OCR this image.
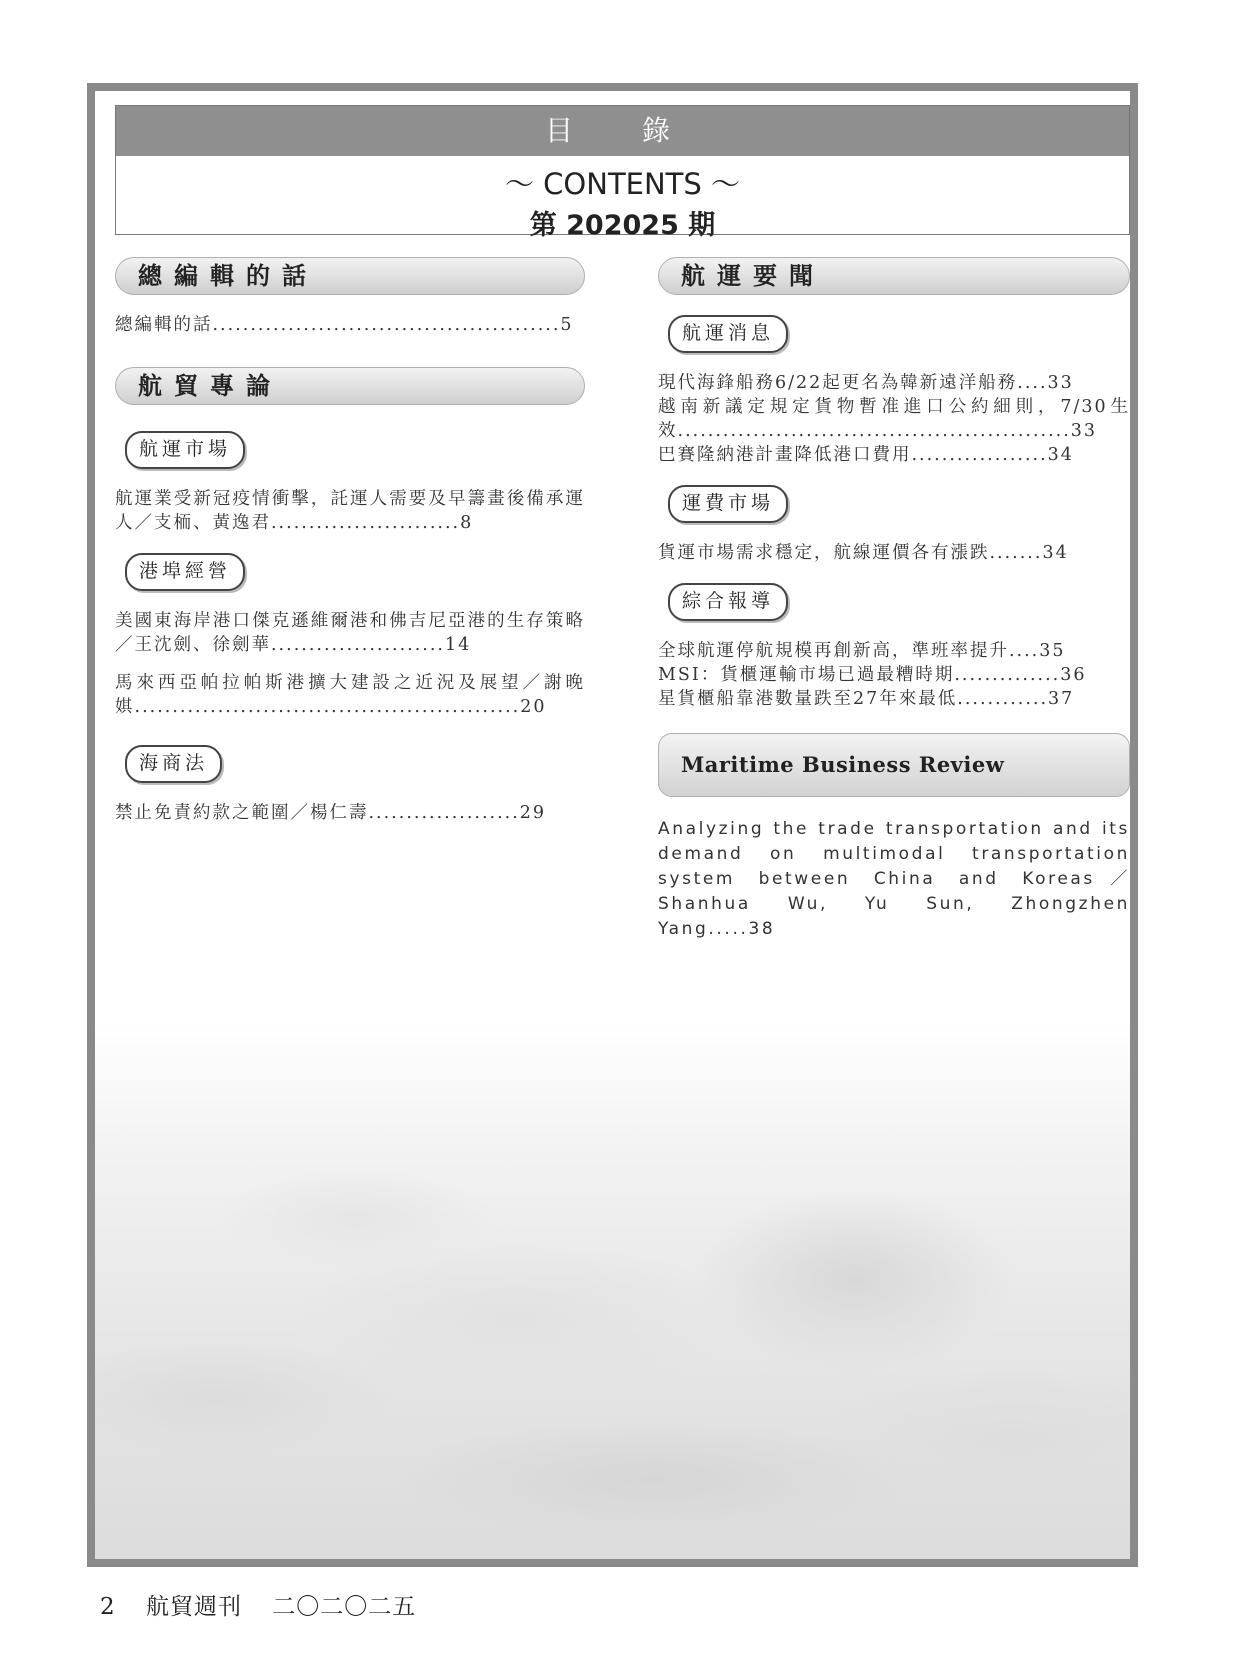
目 錄
～ CONTENTS ～
第 202025 期
總編輯的話
總編輯的話..............................................5
航貿專論
航運市場
航運業受新冠疫情衝擊，託運人需要及早籌畫後備承運人／支栭、黃逸君.........................8
港埠經營
美國東海岸港口傑克遜維爾港和佛吉尼亞港的生存策略／王沈劍、徐劍華.......................14
馬來西亞帕拉帕斯港擴大建設之近況及展望／謝晚娸...................................................20
海商法
禁止免責約款之範圍／楊仁壽....................29
航運要聞
航運消息
現代海鋒船務6/22起更名為韓新遠洋船務....33
越南新議定規定貨物暫准進口公約細則，7/30生效....................................................33
巴賽隆納港計畫降低港口費用..................34
運費市場
貨運市場需求穩定，航線運價各有漲跌.......34
綜合報導
全球航運停航規模再創新高，準班率提升....35
MSI：貨櫃運輸市場已過最糟時期..............36
星貨櫃船靠港數量跌至27年來最低............37
Maritime Business Review
Analyzing the trade transportation and its demand on multimodal transportation system between China and Koreas／Shanhua Wu, Yu Sun, Zhongzhen Yang.....38
2 航貿週刊 二〇二〇二五
